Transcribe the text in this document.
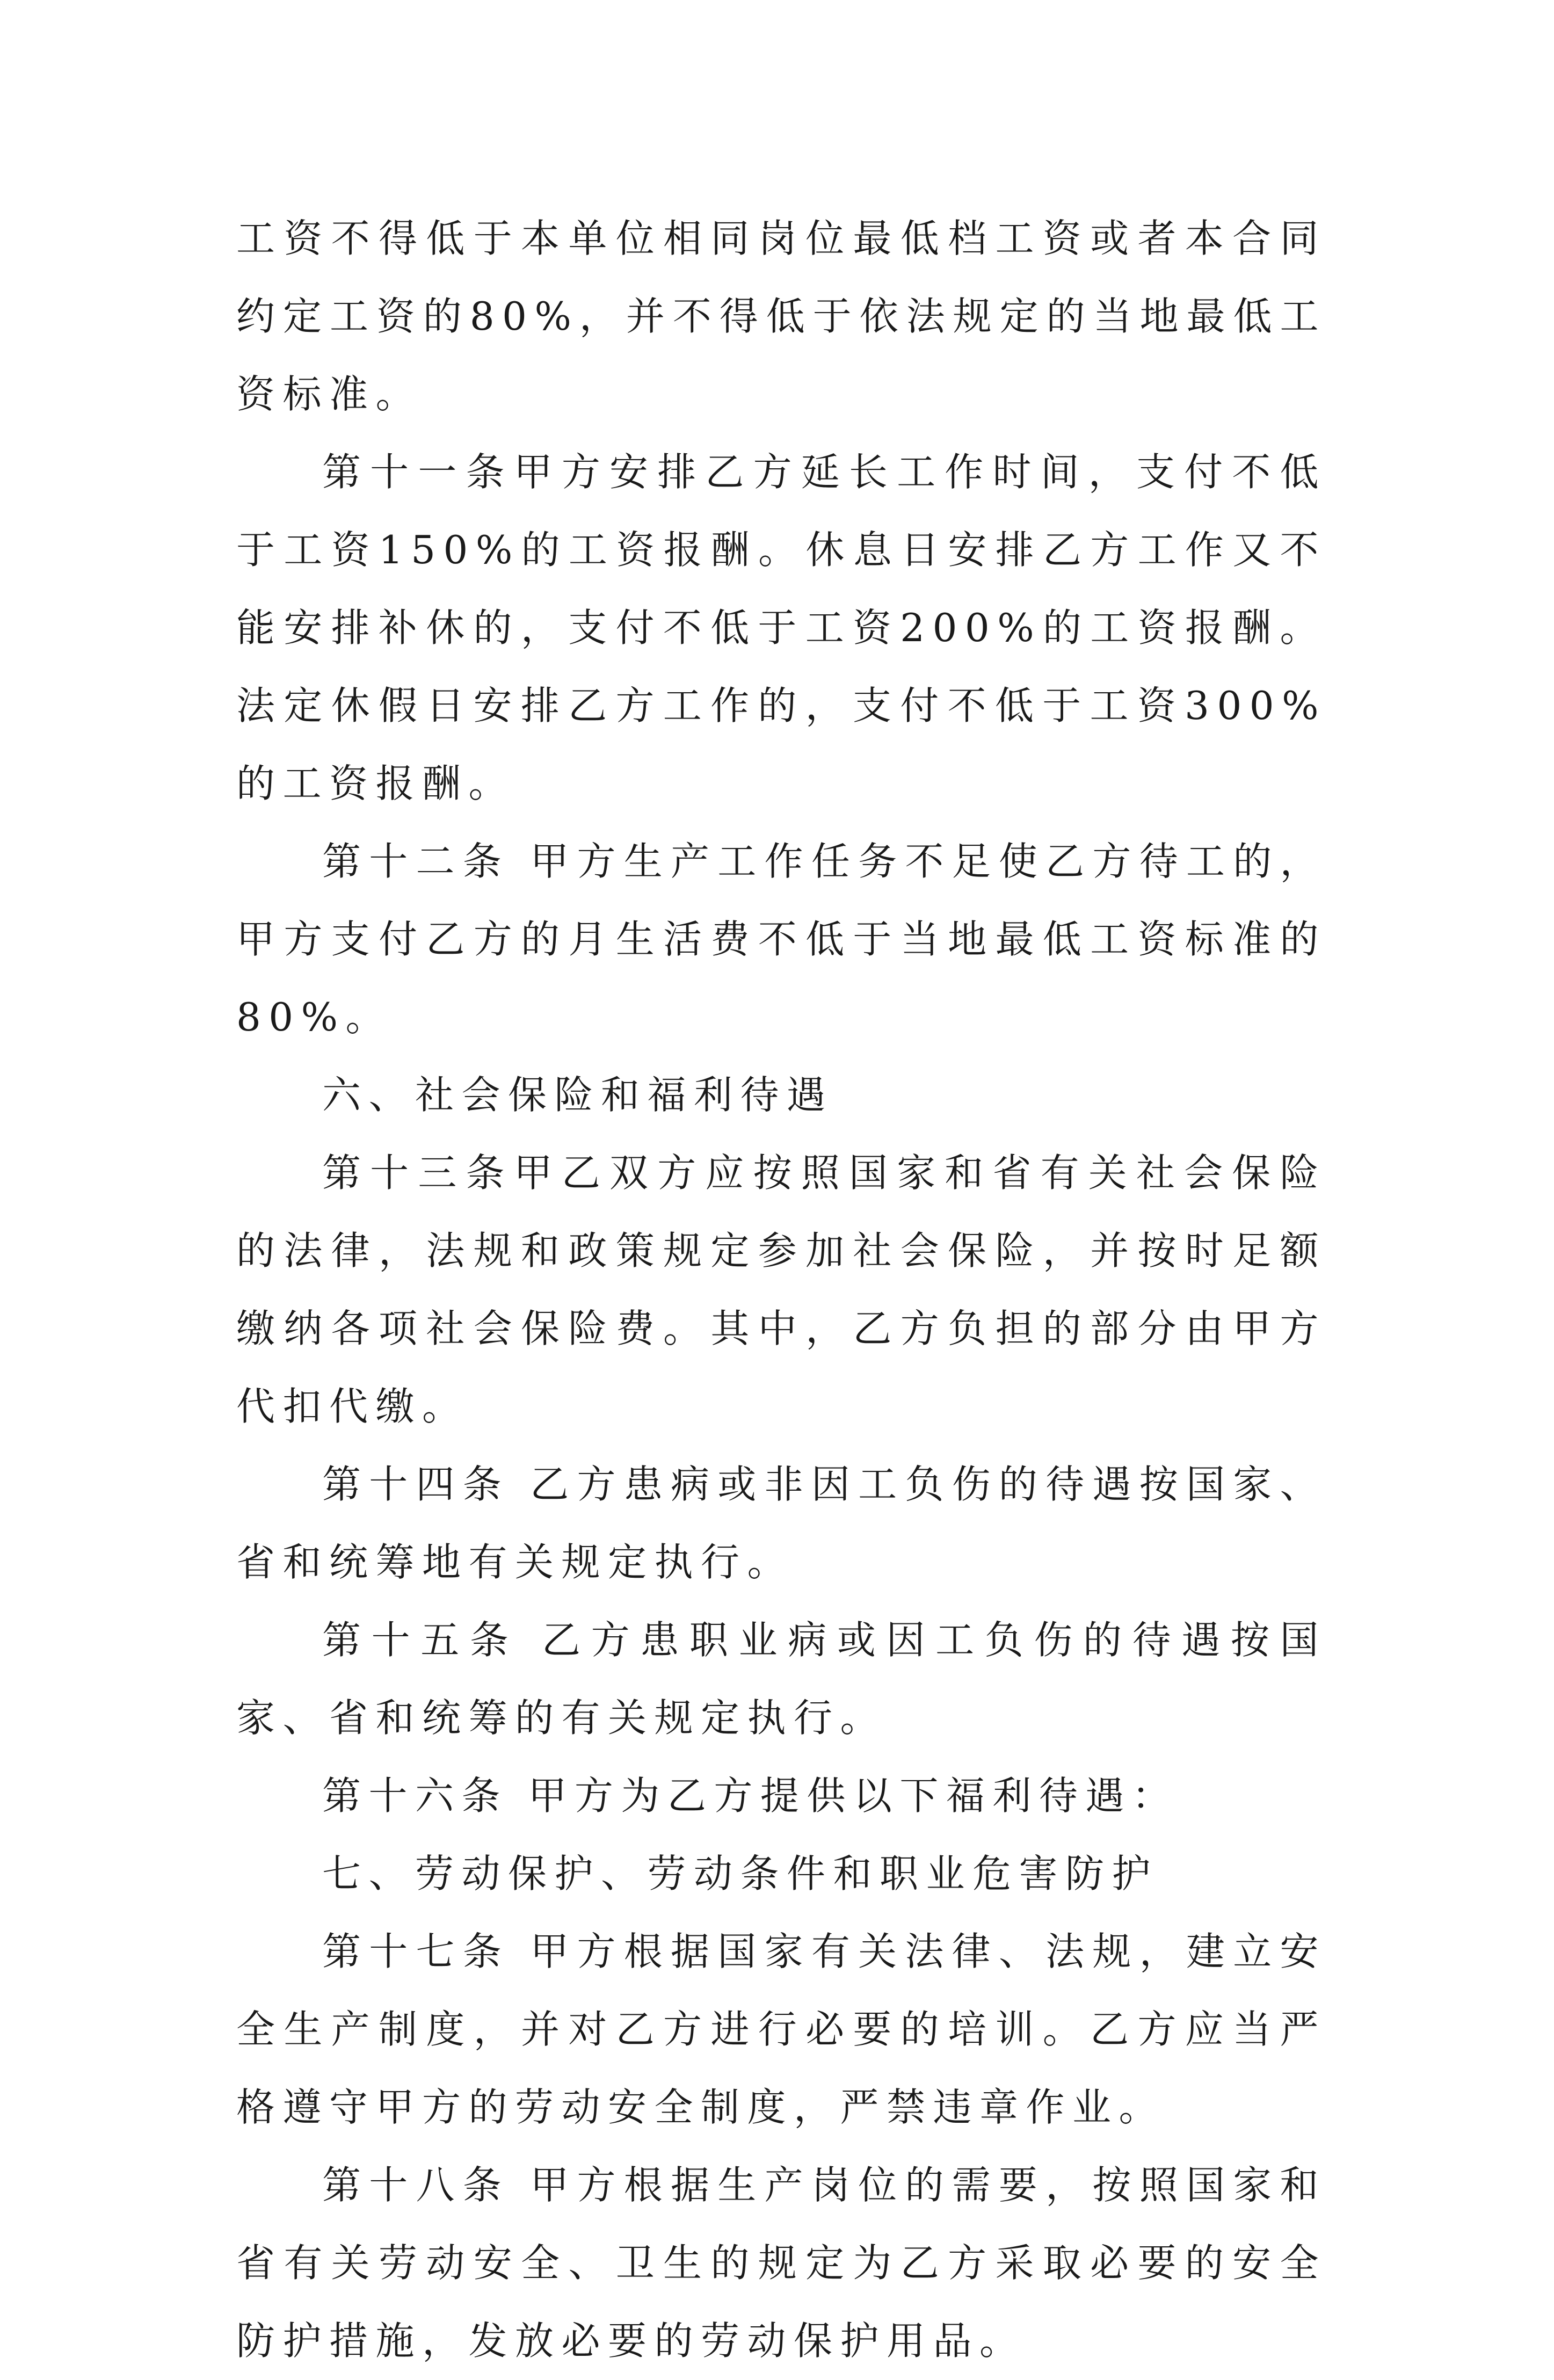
工资不得低于本单位相同岗位最低档工资或者本合同约定工资的80%，并不得低于依法规定的当地最低工资标准。

第十一条甲方安排乙方延长工作时间，支付不低于工资150%的工资报酬。休息日安排乙方工作又不能安排补休的，支付不低于工资200%的工资报酬。法定休假日安排乙方工作的，支付不低于工资300%的工资报酬。

第十二条 甲方生产工作任务不足使乙方待工的，甲方支付乙方的月生活费不低于当地最低工资标准的80%。

六、社会保险和福利待遇

第十三条甲乙双方应按照国家和省有关社会保险的法律，法规和政策规定参加社会保险，并按时足额缴纳各项社会保险费。其中，乙方负担的部分由甲方代扣代缴。

第十四条 乙方患病或非因工负伤的待遇按国家、省和统筹地有关规定执行。

第十五条 乙方患职业病或因工负伤的待遇按国家、省和统筹的有关规定执行。

第十六条 甲方为乙方提供以下福利待遇：

七、劳动保护、劳动条件和职业危害防护

第十七条 甲方根据国家有关法律、法规，建立安全生产制度，并对乙方进行必要的培训。乙方应当严格遵守甲方的劳动安全制度，严禁违章作业。

第十八条 甲方根据生产岗位的需要，按照国家和省有关劳动安全、卫生的规定为乙方采取必要的安全防护措施，发放必要的劳动保护用品。
